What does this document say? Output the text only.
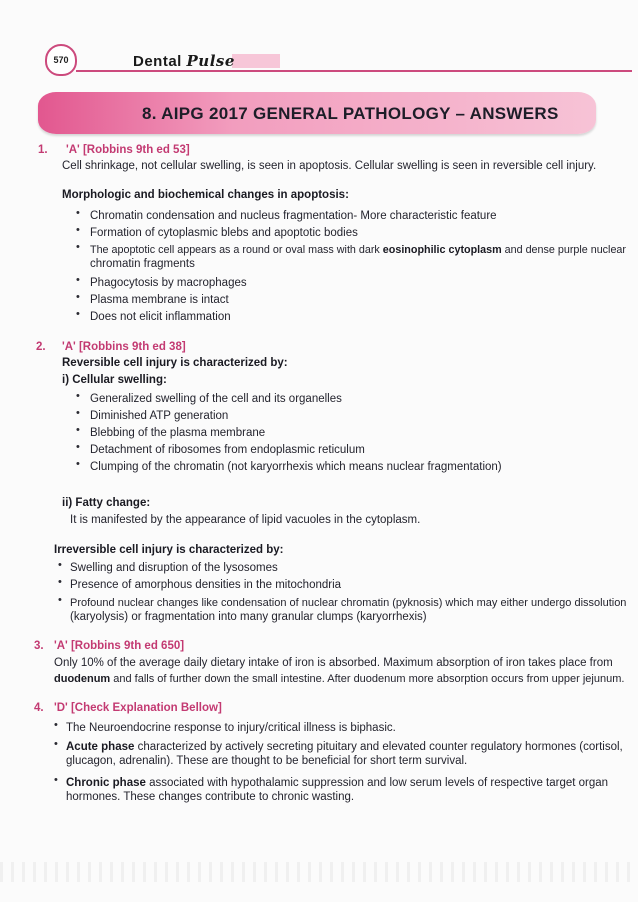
570	Dental Pulse
8. AIPG 2017 GENERAL PATHOLOGY – ANSWERS
1. 'A' [Robbins 9th ed 53]
Cell shrinkage, not cellular swelling, is seen in apoptosis. Cellular swelling is seen in reversible cell injury.
Morphologic and biochemical changes in apoptosis:
• Chromatin condensation and nucleus fragmentation- More characteristic feature
• Formation of cytoplasmic blebs and apoptotic bodies
• The apoptotic cell appears as a round or oval mass with dark eosinophilic cytoplasm and dense purple nuclear
chromatin fragments
• Phagocytosis by macrophages
• Plasma membrane is intact
• Does not elicit inflammation
2. 'A' [Robbins 9th ed 38]
Reversible cell injury is characterized by:
i) Cellular swelling:
• Generalized swelling of the cell and its organelles
• Diminished ATP generation
• Blebbing of the plasma membrane
• Detachment of ribosomes from endoplasmic reticulum
• Clumping of the chromatin (not karyorrhexis which means nuclear fragmentation)
ii) Fatty change:
It is manifested by the appearance of lipid vacuoles in the cytoplasm.
Irreversible cell injury is characterized by:
• Swelling and disruption of the lysosomes
• Presence of amorphous densities in the mitochondria
• Profound nuclear changes like condensation of nuclear chromatin (pyknosis) which may either undergo dissolution
(karyolysis) or fragmentation into many granular clumps (karyorrhexis)
3. 'A' [Robbins 9th ed 650]
Only 10% of the average daily dietary intake of iron is absorbed. Maximum absorption of iron takes place from
duodenum and falls of further down the small intestine. After duodenum more absorption occurs from upper jejunum.
4. 'D' [Check Explanation Bellow]
• The Neuroendocrine response to injury/critical illness is biphasic.
• Acute phase characterized by actively secreting pituitary and elevated counter regulatory hormones (cortisol,
glucagon, adrenalin). These are thought to be beneficial for short term survival.
• Chronic phase associated with hypothalamic suppression and low serum levels of respective target organ
hormones. These changes contribute to chronic wasting.
